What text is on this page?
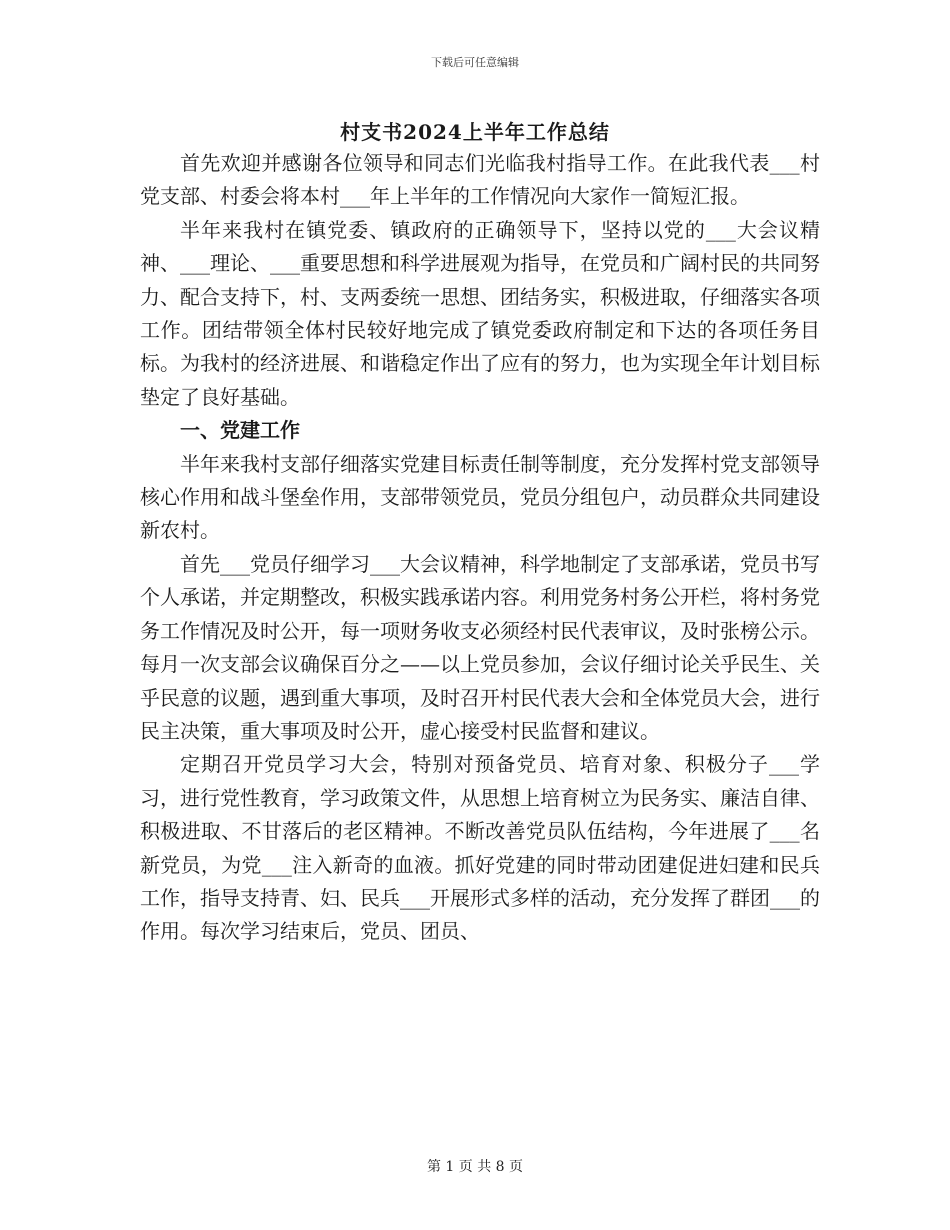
下载后可任意编辑
村支书2024上半年工作总结

首先欢迎并感谢各位领导和同志们光临我村指导工作。在此我代表___村党支部、村委会将本村___年上半年的工作情况向大家作一简短汇报。

半年来我村在镇党委、镇政府的正确领导下，坚持以党的___大会议精神、___理论、___重要思想和科学进展观为指导，在党员和广阔村民的共同努力、配合支持下，村、支两委统一思想、团结务实，积极进取，仔细落实各项工作。团结带领全体村民较好地完成了镇党委政府制定和下达的各项任务目标。为我村的经济进展、和谐稳定作出了应有的努力，也为实现全年计划目标垫定了良好基础。

一、党建工作

半年来我村支部仔细落实党建目标责任制等制度，充分发挥村党支部领导核心作用和战斗堡垒作用，支部带领党员，党员分组包户，动员群众共同建设新农村。

首先___党员仔细学习___大会议精神，科学地制定了支部承诺，党员书写个人承诺，并定期整改，积极实践承诺内容。利用党务村务公开栏，将村务党务工作情况及时公开，每一项财务收支必须经村民代表审议，及时张榜公示。每月一次支部会议确保百分之——以上党员参加，会议仔细讨论关乎民生、关乎民意的议题，遇到重大事项，及时召开村民代表大会和全体党员大会，进行民主决策，重大事项及时公开，虚心接受村民监督和建议。

定期召开党员学习大会，特别对预备党员、培育对象、积极分子___学习，进行党性教育，学习政策文件，从思想上培育树立为民务实、廉洁自律、积极进取、不甘落后的老区精神。不断改善党员队伍结构，今年进展了___名新党员，为党___注入新奇的血液。抓好党建的同时带动团建促进妇建和民兵工作，指导支持青、妇、民兵___开展形式多样的活动，充分发挥了群团___的作用。每次学习结束后，党员、团员、

第 1 页 共 8 页
